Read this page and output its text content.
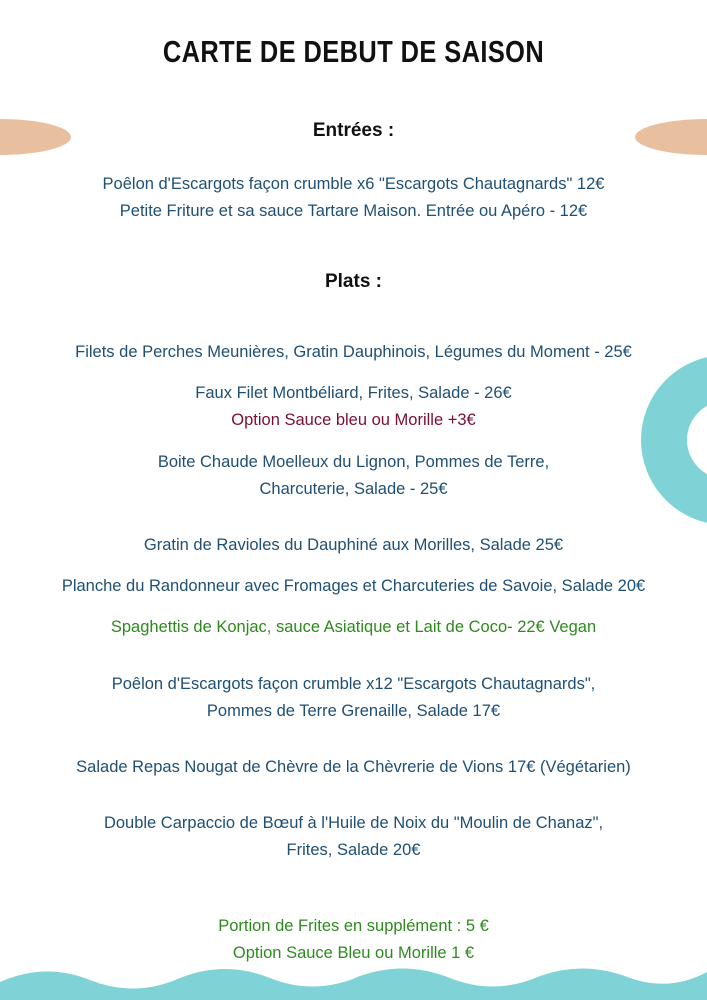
CARTE DE DEBUT DE SAISON
Entrées :
Poêlon d'Escargots façon crumble x6 "Escargots Chautagnards" 12€
Petite Friture et sa sauce Tartare Maison. Entrée ou Apéro - 12€
Plats :
Filets de Perches Meunières, Gratin Dauphinois, Légumes du Moment - 25€
Faux Filet Montbéliard, Frites, Salade - 26€
Option Sauce bleu ou Morille +3€
Boite Chaude Moelleux du Lignon, Pommes de Terre,
Charcuterie, Salade - 25€
Gratin de Ravioles du Dauphiné aux Morilles, Salade 25€
Planche du Randonneur avec Fromages et Charcuteries de Savoie, Salade 20€
Spaghettis de Konjac, sauce Asiatique et Lait de Coco- 22€ Vegan
Poêlon d'Escargots façon crumble x12 "Escargots Chautagnards",
Pommes de Terre Grenaille, Salade 17€
Salade Repas Nougat de Chèvre de la Chèvrerie de Vions 17€ (Végétarien)
Double Carpaccio de Bœuf à l'Huile de Noix du "Moulin de Chanaz",
Frites, Salade 20€
Portion de Frites en supplément : 5 €
Option Sauce Bleu ou Morille 1 €
